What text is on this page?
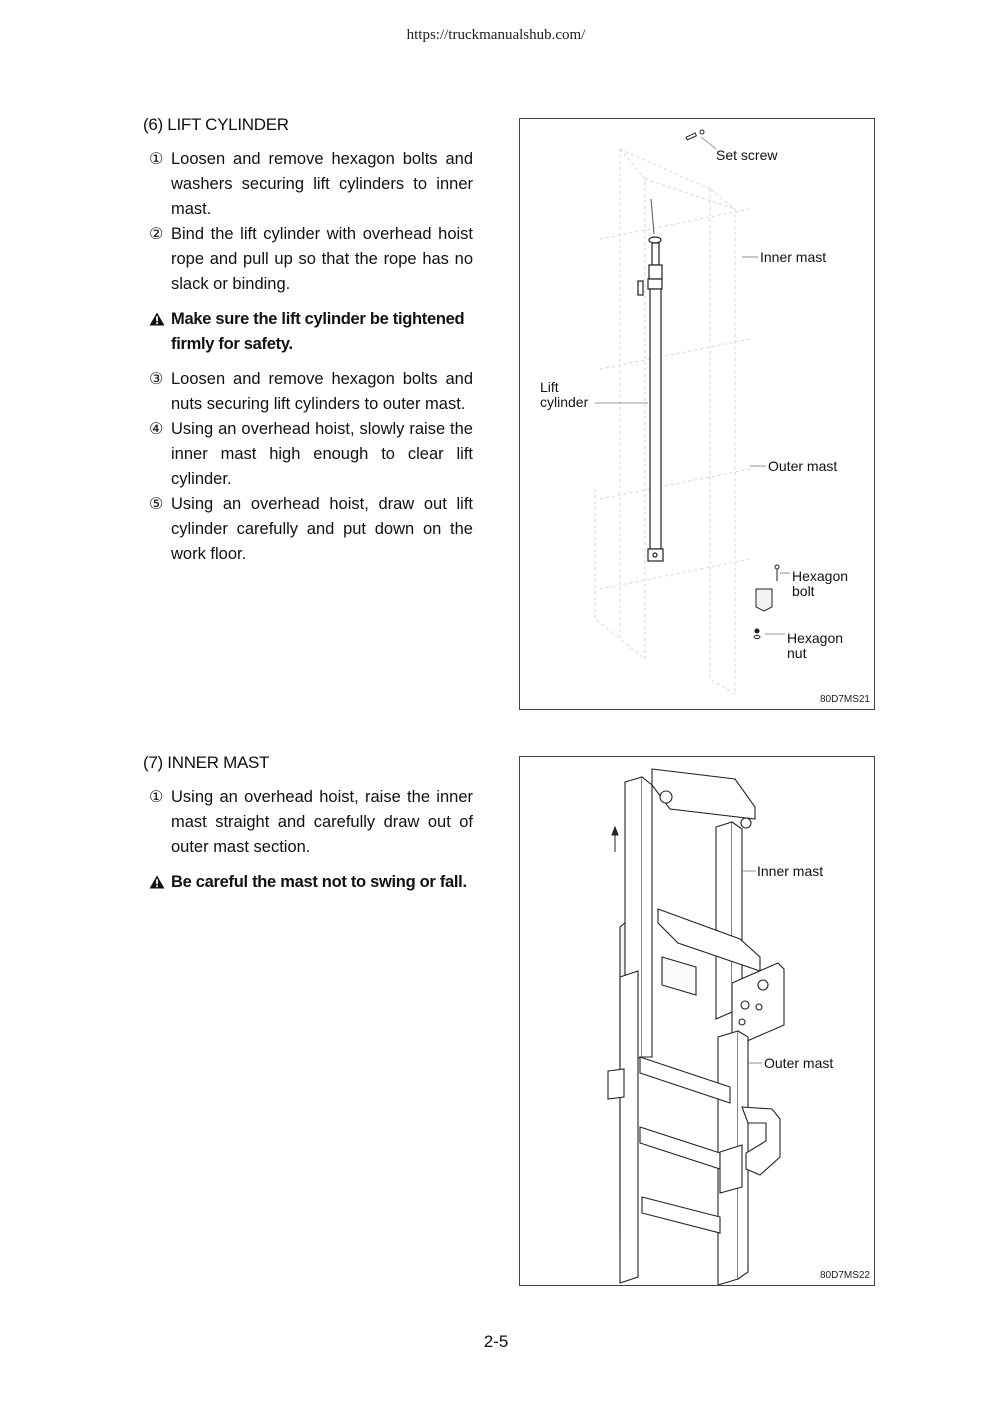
https://truckmanualshub.com/
(6) LIFT CYLINDER
① Loosen and remove hexagon bolts and washers securing lift cylinders to inner mast.
② Bind the lift cylinder with overhead hoist rope and pull up so that the rope has no slack or binding.
Make sure the lift cylinder be tightened firmly for safety.
③ Loosen and remove hexagon bolts and nuts securing lift cylinders to outer mast.
④ Using an overhead hoist, slowly raise the inner mast high enough to clear lift cylinder.
⑤ Using an overhead hoist, draw out lift cylinder carefully and put down on the work floor.
Set screw
Inner mast
Lift
cylinder
Outer mast
Hexagon
bolt
Hexagon
nut
80D7MS21
(7) INNER MAST
① Using an overhead hoist, raise the inner mast straight and carefully draw out of outer mast section.
Be careful the mast not to swing or fall.
Inner mast
Outer mast
80D7MS22
2-5
